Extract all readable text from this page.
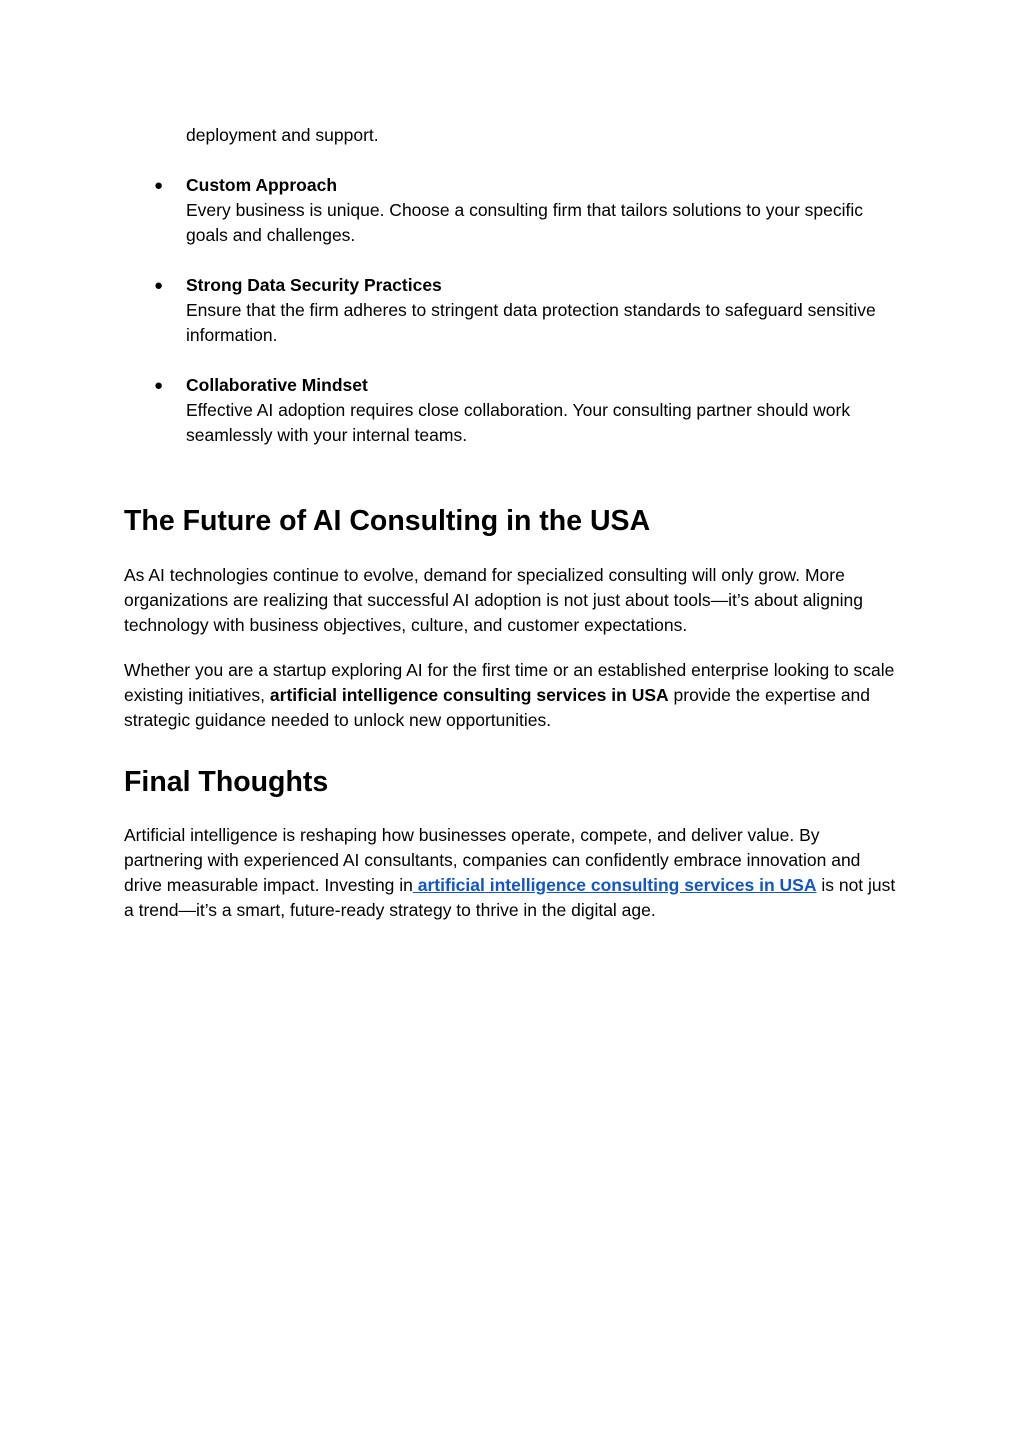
deployment and support.
● Custom Approach
Every business is unique. Choose a consulting firm that tailors solutions to your specific goals and challenges.
● Strong Data Security Practices
Ensure that the firm adheres to stringent data protection standards to safeguard sensitive information.
● Collaborative Mindset
Effective AI adoption requires close collaboration. Your consulting partner should work seamlessly with your internal teams.
The Future of AI Consulting in the USA

As AI technologies continue to evolve, demand for specialized consulting will only grow. More organizations are realizing that successful AI adoption is not just about tools—it’s about aligning technology with business objectives, culture, and customer expectations.

Whether you are a startup exploring AI for the first time or an established enterprise looking to scale existing initiatives, artificial intelligence consulting services in USA provide the expertise and strategic guidance needed to unlock new opportunities.

Final Thoughts

Artificial intelligence is reshaping how businesses operate, compete, and deliver value. By partnering with experienced AI consultants, companies can confidently embrace innovation and drive measurable impact. Investing in artificial intelligence consulting services in USA is not just a trend—it’s a smart, future-ready strategy to thrive in the digital age.
